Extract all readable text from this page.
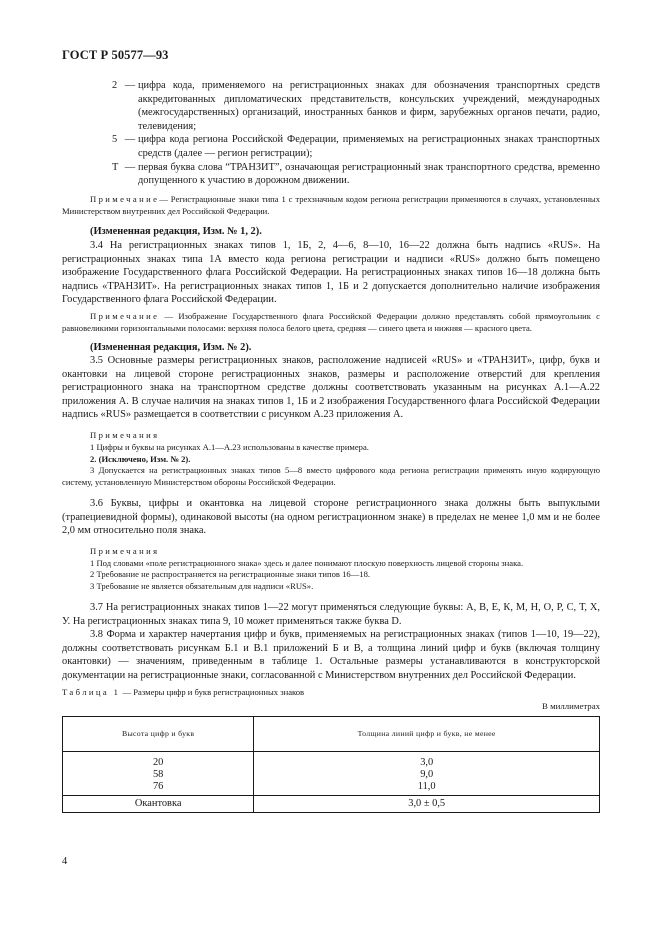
ГОСТ Р 50577—93
2 — цифра кода, применяемого на регистрационных знаках для обозначения транспортных средств аккредитованных дипломатических представительств, консульских учреждений, международных (межгосударственных) организаций, иностранных банков и фирм, зарубежных органов печати, радио, телевидения;
5 — цифра кода региона Российской Федерации, применяемых на регистрационных знаках транспортных средств (далее — регион регистрации);
Т — первая буква слова “ТРАНЗИТ”, означающая регистрационный знак транспортного средства, временно допущенного к участию в дорожном движении.

Примечание— Регистрационные знаки типа 1 с трехзначным кодом региона регистрации применяются в случаях, установленных Министерством внутренних дел Российской Федерации.

(Измененная редакция, Изм. № 1, 2).

3.4 На регистрационных знаках типов 1, 1Б, 2, 4—6, 8—10, 16—22 должна быть надпись «RUS». На регистрационных знаках типа 1А вместо кода региона регистрации и надписи «RUS» должно быть помещено изображение Государственного флага Российской Федерации. На регистрационных знаках типов 16—18 должна быть надпись «ТРАНЗИТ». На регистрационных знаках типов 1, 1Б и 2 допускается дополнительно наличие изображения Государственного флага Российской Федерации.

Примечание — Изображение Государственного флага Российской Федерации должно представлять собой прямоугольник с равновеликими горизонтальными полосами: верхняя полоса белого цвета, средняя — синего цвета и нижняя — красного цвета.

(Измененная редакция, Изм. № 2).

3.5 Основные размеры регистрационных знаков, расположение надписей «RUS» и «ТРАНЗИТ», цифр, букв и окантовки на лицевой стороне регистрационных знаков, размеры и расположение отверстий для крепления регистрационного знака на транспортном средстве должны соответствовать указанным на рисунках А.1—А.22 приложения А. В случае наличия на знаках типов 1, 1Б и 2 изображения Государственного флага Российской Федерации надпись «RUS» размещается в соответствии с рисунком А.23 приложения А.

Примечания

1 Цифры и буквы на рисунках А.1—А.23 использованы в качестве примера.

2. (Исключено, Изм. № 2).

3 Допускается на регистрационных знаках типов 5—8 вместо цифрового кода региона регистрации применять иную кодирующую систему, установленную Министерством обороны Российской Федерации.

3.6 Буквы, цифры и окантовка на лицевой стороне регистрационного знака должны быть выпуклыми (трапециевидной формы), одинаковой высоты (на одном регистрационном знаке) в пределах не менее 1,0 мм и не более 2,0 мм относительно поля знака.

Примечания

1 Под словами «поле регистрационного знака» здесь и далее понимают плоскую поверхность лицевой стороны знака.

2 Требование не распространяется на регистрационные знаки типов 16—18.

3 Требование не является обязательным для надписи «RUS».

3.7 На регистрационных знаках типов 1—22 могут применяться следующие буквы: А, В, Е, К, М, Н, О, Р, С, Т, Х, У. На регистрационных знаках типа 9, 10 может применяться также буква D.

3.8 Форма и характер начертания цифр и букв, применяемых на регистрационных знаках (типов 1—10, 19—22), должны соответствовать рисункам Б.1 и В.1 приложений Б и В, а толщина линий цифр и букв (включая толщину окантовки) — значениям, приведенным в таблице 1. Остальные размеры устанавливаются в конструкторской документации на регистрационные знаки, согласованной с Министерством внутренних дел Российской Федерации.

Таблица 1 — Размеры цифр и букв регистрационных знаков

В миллиметрах
Высота цифр и букв	Толщина линий цифр и букв, не менее
20	3,0
58	9,0
76	11,0
Окантовка	3,0 ± 0,5
4
